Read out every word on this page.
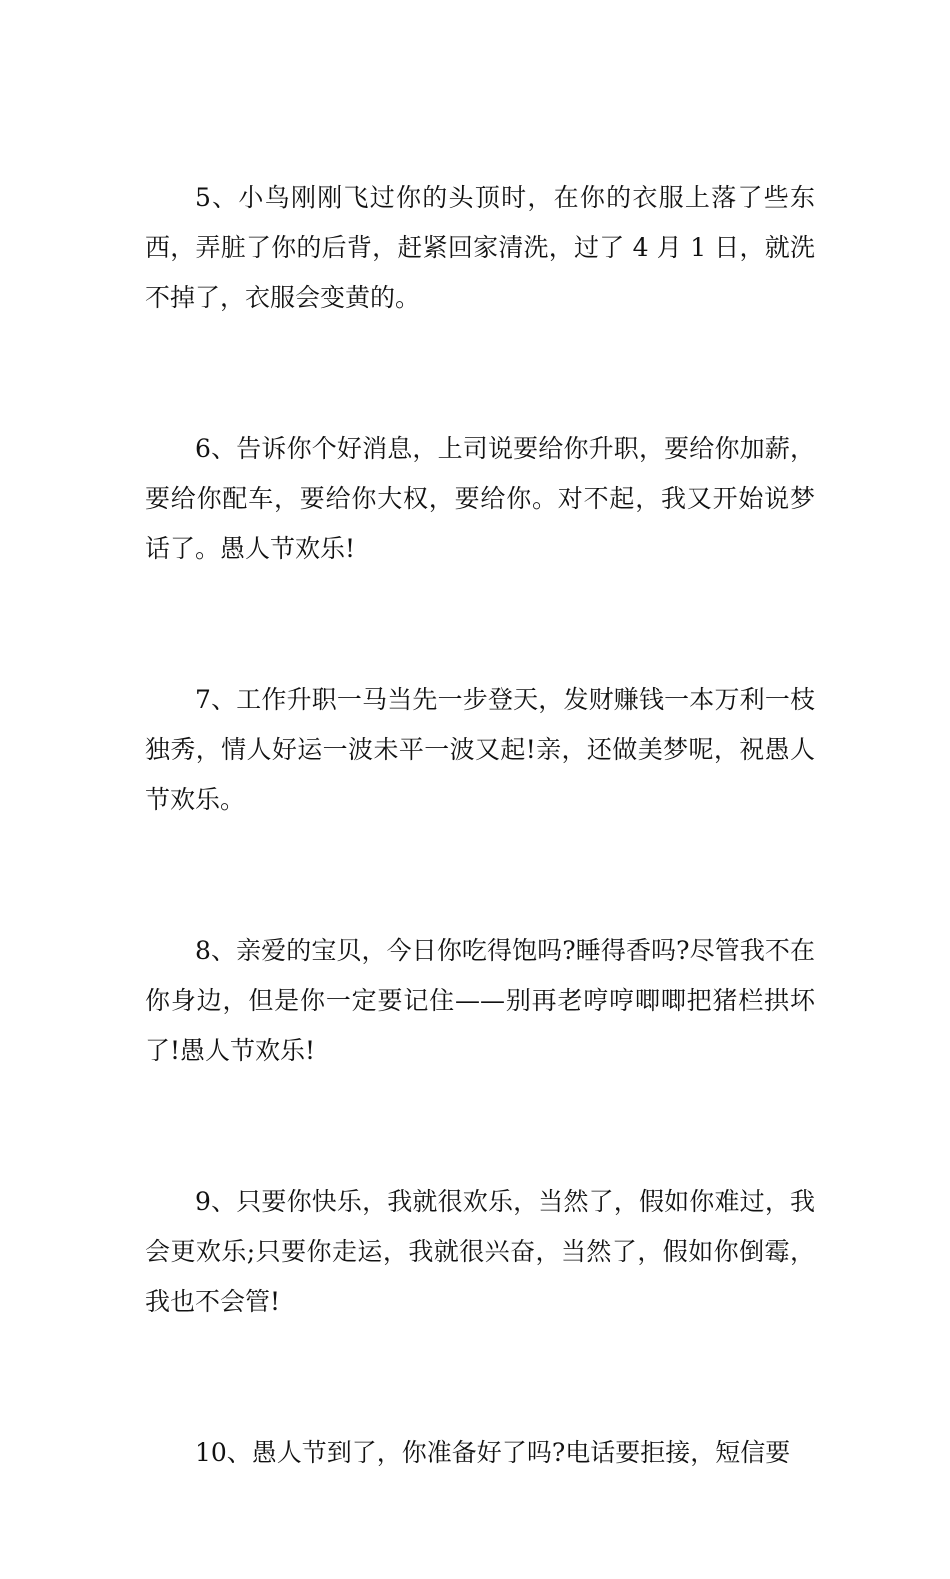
5、小鸟刚刚飞过你的头顶时，在你的衣服上落了些东西，弄脏了你的后背，赶紧回家清洗，过了 4 月 1 日，就洗不掉了，衣服会变黄的。

6、告诉你个好消息，上司说要给你升职，要给你加薪，要给你配车，要给你大权，要给你。对不起，我又开始说梦话了。愚人节欢乐!

7、工作升职一马当先一步登天，发财赚钱一本万利一枝独秀，情人好运一波未平一波又起!亲，还做美梦呢，祝愚人节欢乐。

8、亲爱的宝贝，今日你吃得饱吗?睡得香吗?尽管我不在你身边，但是你一定要记住——别再老哼哼唧唧把猪栏拱坏了!愚人节欢乐!

9、只要你快乐，我就很欢乐，当然了，假如你难过，我会更欢乐;只要你走运，我就很兴奋，当然了，假如你倒霉，我也不会管!

10、愚人节到了，你准备好了吗?电话要拒接，短信要
